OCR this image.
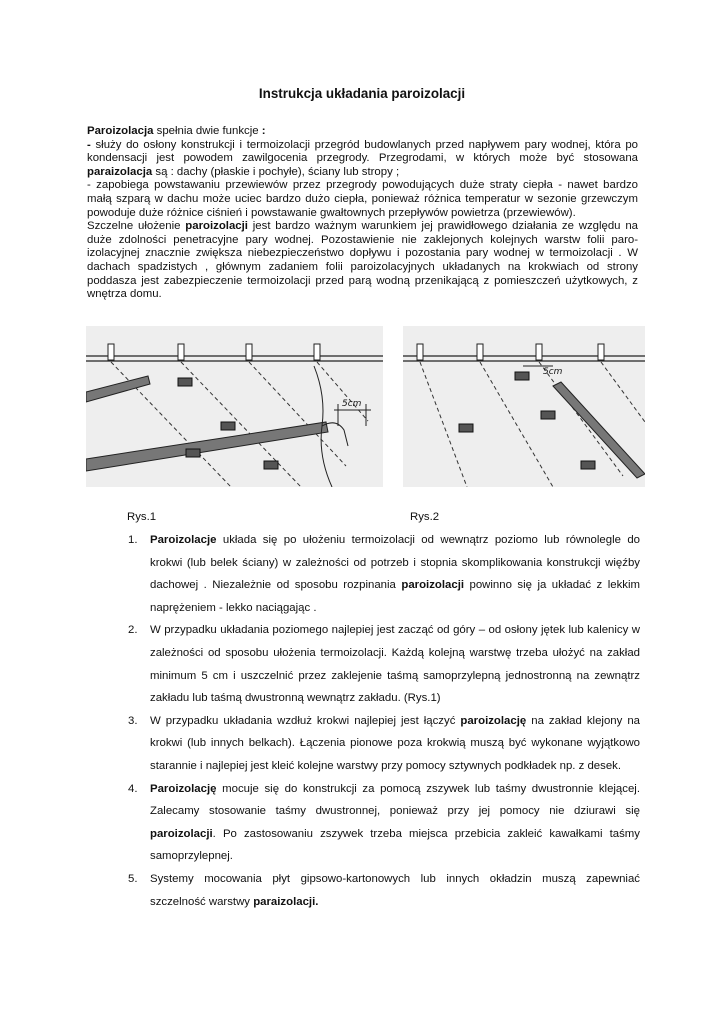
Instrukcja układania paroizolacji

Paroizolacja spełnia dwie funkcje :

- służy do osłony konstrukcji i termoizolacji przegród budowlanych przed napływem pary wodnej, która po kondensacji jest powodem zawilgocenia przegrody. Przegrodami, w których może być stosowana paraizolacja są : dachy (płaskie i pochyłe), ściany lub stropy ;

- zapobiega powstawaniu przewiewów przez przegrody powodujących duże straty ciepła - nawet bardzo małą szparą w dachu może uciec bardzo dużo ciepła, ponieważ różnica temperatur w sezonie grzewczym powoduje duże różnice ciśnień i powstawanie gwałtownych przepływów powietrza (przewiewów).

Szczelne ułożenie paroizolacji jest bardzo ważnym warunkiem jej prawidłowego działania ze względu na duże zdolności penetracyjne pary wodnej. Pozostawienie nie zaklejonych kolejnych warstw folii paro-izolacyjnej znacznie zwiększa niebezpieczeństwo dopływu i pozostania pary wodnej w termoizolacji . W dachach spadzistych , głównym zadaniem folii paroizolacyjnych układanych na krokwiach od strony poddasza jest zabezpieczenie termoizolacji przed parą wodną przenikającą z pomieszczeń użytkowych, z wnętrza domu.

5cm
5cm
Rys.1	Rys.2
1. Paroizolacje układa się po ułożeniu termoizolacji od wewnątrz poziomo lub równolegle do krokwi (lub belek ściany) w zależności od potrzeb i stopnia skomplikowania konstrukcji więźby dachowej . Niezależnie od sposobu rozpinania paroizolacji powinno się ja układać z lekkim naprężeniem - lekko naciągając .
2. W przypadku układania poziomego najlepiej jest zacząć od góry – od osłony jętek lub kalenicy w zależności od sposobu ułożenia termoizolacji. Każdą kolejną warstwę trzeba ułożyć na zakład minimum 5 cm i uszczelnić przez zaklejenie taśmą samoprzylepną jednostronną na zewnątrz zakładu lub taśmą dwustronną wewnątrz zakładu. (Rys.1)
3. W przypadku układania wzdłuż krokwi najlepiej jest łączyć paroizolację na zakład klejony na krokwi (lub innych belkach). Łączenia pionowe poza krokwią muszą być wykonane wyjątkowo starannie i najlepiej jest kleić kolejne warstwy przy pomocy sztywnych podkładek np. z desek.
4. Paroizolację mocuje się do konstrukcji za pomocą zszywek lub taśmy dwustronnie klejącej. Zalecamy stosowanie taśmy dwustronnej, ponieważ przy jej pomocy nie dziurawi się paroizolacji. Po zastosowaniu zszywek trzeba miejsca przebicia zakleić kawałkami taśmy samoprzylepnej.
5. Systemy mocowania płyt gipsowo-kartonowych lub innych okładzin muszą zapewniać szczelność warstwy paraizolacji.
